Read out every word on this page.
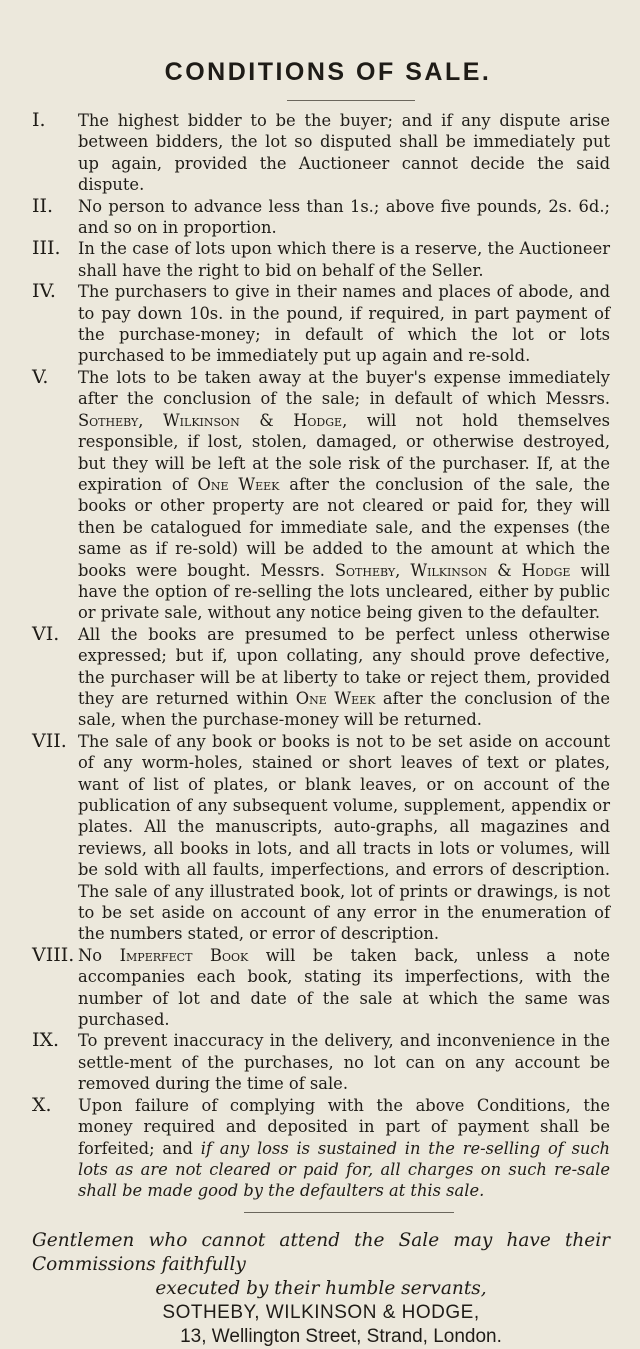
CONDITIONS OF SALE.
I.	The highest bidder to be the buyer; and if any dispute arise between bidders, the lot so disputed shall be immediately put up again, provided the Auctioneer cannot decide the said dispute.
II.	No person to advance less than 1s.; above five pounds, 2s. 6d.; and so on in proportion.
III.	In the case of lots upon which there is a reserve, the Auctioneer shall have the right to bid on behalf of the Seller.
IV.	The purchasers to give in their names and places of abode, and to pay down 10s. in the pound, if required, in part payment of the purchase-money; in default of which the lot or lots purchased to be immediately put up again and re-sold.
V.	The lots to be taken away at the buyer's expense immediately after the conclusion of the sale; in default of which Messrs. Sotheby, Wilkinson & Hodge, will not hold themselves responsible, if lost, stolen, damaged, or otherwise destroyed, but they will be left at the sole risk of the purchaser. If, at the expiration of One Week after the conclusion of the sale, the books or other property are not cleared or paid for, they will then be catalogued for immediate sale, and the expenses (the same as if re-sold) will be added to the amount at which the books were bought. Messrs. Sotheby, Wilkinson & Hodge will have the option of re-selling the lots uncleared, either by public or private sale, without any notice being given to the defaulter.
VI.	All the books are presumed to be perfect unless otherwise expressed; but if, upon collating, any should prove defective, the purchaser will be at liberty to take or reject them, provided they are returned within One Week after the conclusion of the sale, when the purchase-money will be returned.
VII. The sale of any book or books is not to be set aside on account of any worm-holes, stained or short leaves of text or plates, want of list of plates, or blank leaves, or on account of the publication of any subsequent volume, supplement, appendix or plates. All the manuscripts, auto-graphs, all magazines and reviews, all books in lots, and all tracts in lots or volumes, will be sold with all faults, imperfections, and errors of description. The sale of any illustrated book, lot of prints or drawings, is not to be set aside on account of any error in the enumeration of the numbers stated, or error of description.
VIII. No Imperfect Book will be taken back, unless a note accompanies each book, stating its imperfections, with the number of lot and date of the sale at which the same was purchased.
IX.	To prevent inaccuracy in the delivery, and inconvenience in the settle-ment of the purchases, no lot can on any account be removed during the time of sale.
X.	Upon failure of complying with the above Conditions, the money required and deposited in part of payment shall be forfeited; and if any loss is sustained in the re-selling of such lots as are not cleared or paid for, all charges on such re-sale shall be made good by the defaulters at this sale.
Gentlemen who cannot attend the Sale may have their Commissions faithfully
executed by their humble servants,
SOTHEBY, WILKINSON & HODGE,
13, Wellington Street, Strand, London.
